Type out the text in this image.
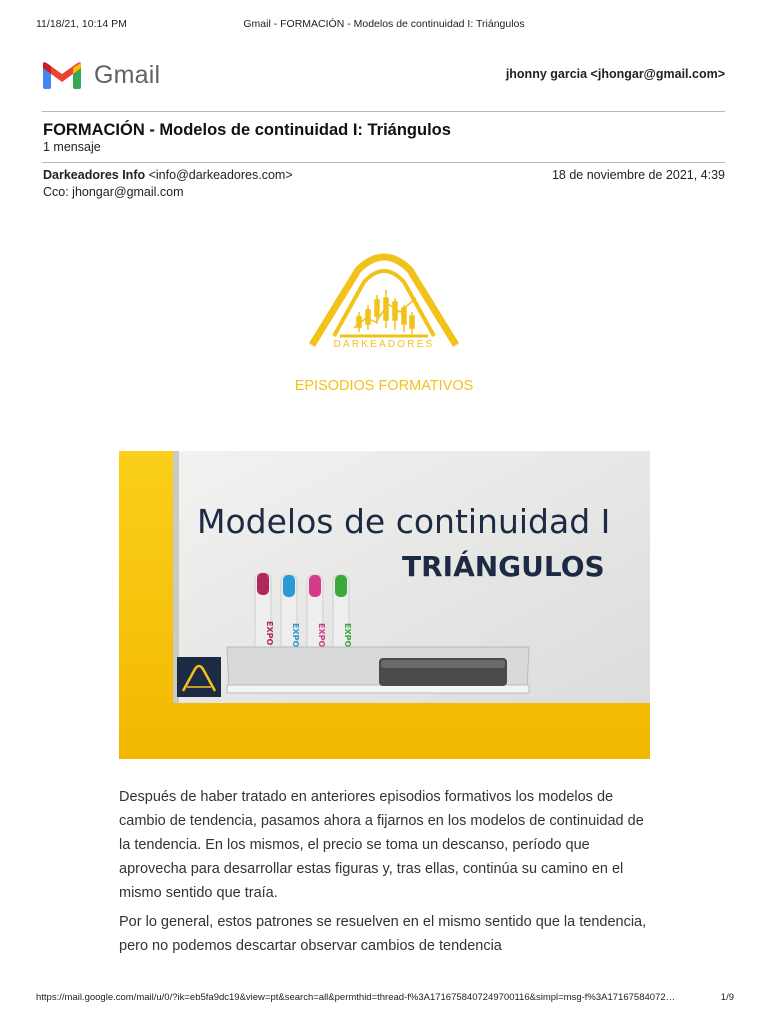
11/18/21, 10:14 PM	Gmail - FORMACIÓN - Modelos de continuidad I: Triángulos
Gmail	jhonny garcia <jhongar@gmail.com>
FORMACIÓN - Modelos de continuidad I: Triángulos
1 mensaje
Darkeadores Info <info@darkeadores.com>	18 de noviembre de 2021, 4:39
Cco: jhongar@gmail.com
DARKEADORES
EPISODIOS FORMATIVOS
Modelos de continuidad I
TRIÁNGULOS
EXPO EXPO EXPO EXPO

Después de haber tratado en anteriores episodios formativos los modelos de cambio de tendencia, pasamos ahora a fijarnos en los modelos de continuidad de la tendencia. En los mismos, el precio se toma un descanso, período que aprovecha para desarrollar estas figuras y, tras ellas, continúa su camino en el mismo sentido que traía.

Por lo general, estos patrones se resuelven en el mismo sentido que la tendencia, pero no podemos descartar observar cambios de tendencia

https://mail.google.com/mail/u/0/?ik=eb5fa9dc19&view=pt&search=all&permthid=thread-f%3A1716758407249700116&simpl=msg-f%3A17167584072…	1/9
